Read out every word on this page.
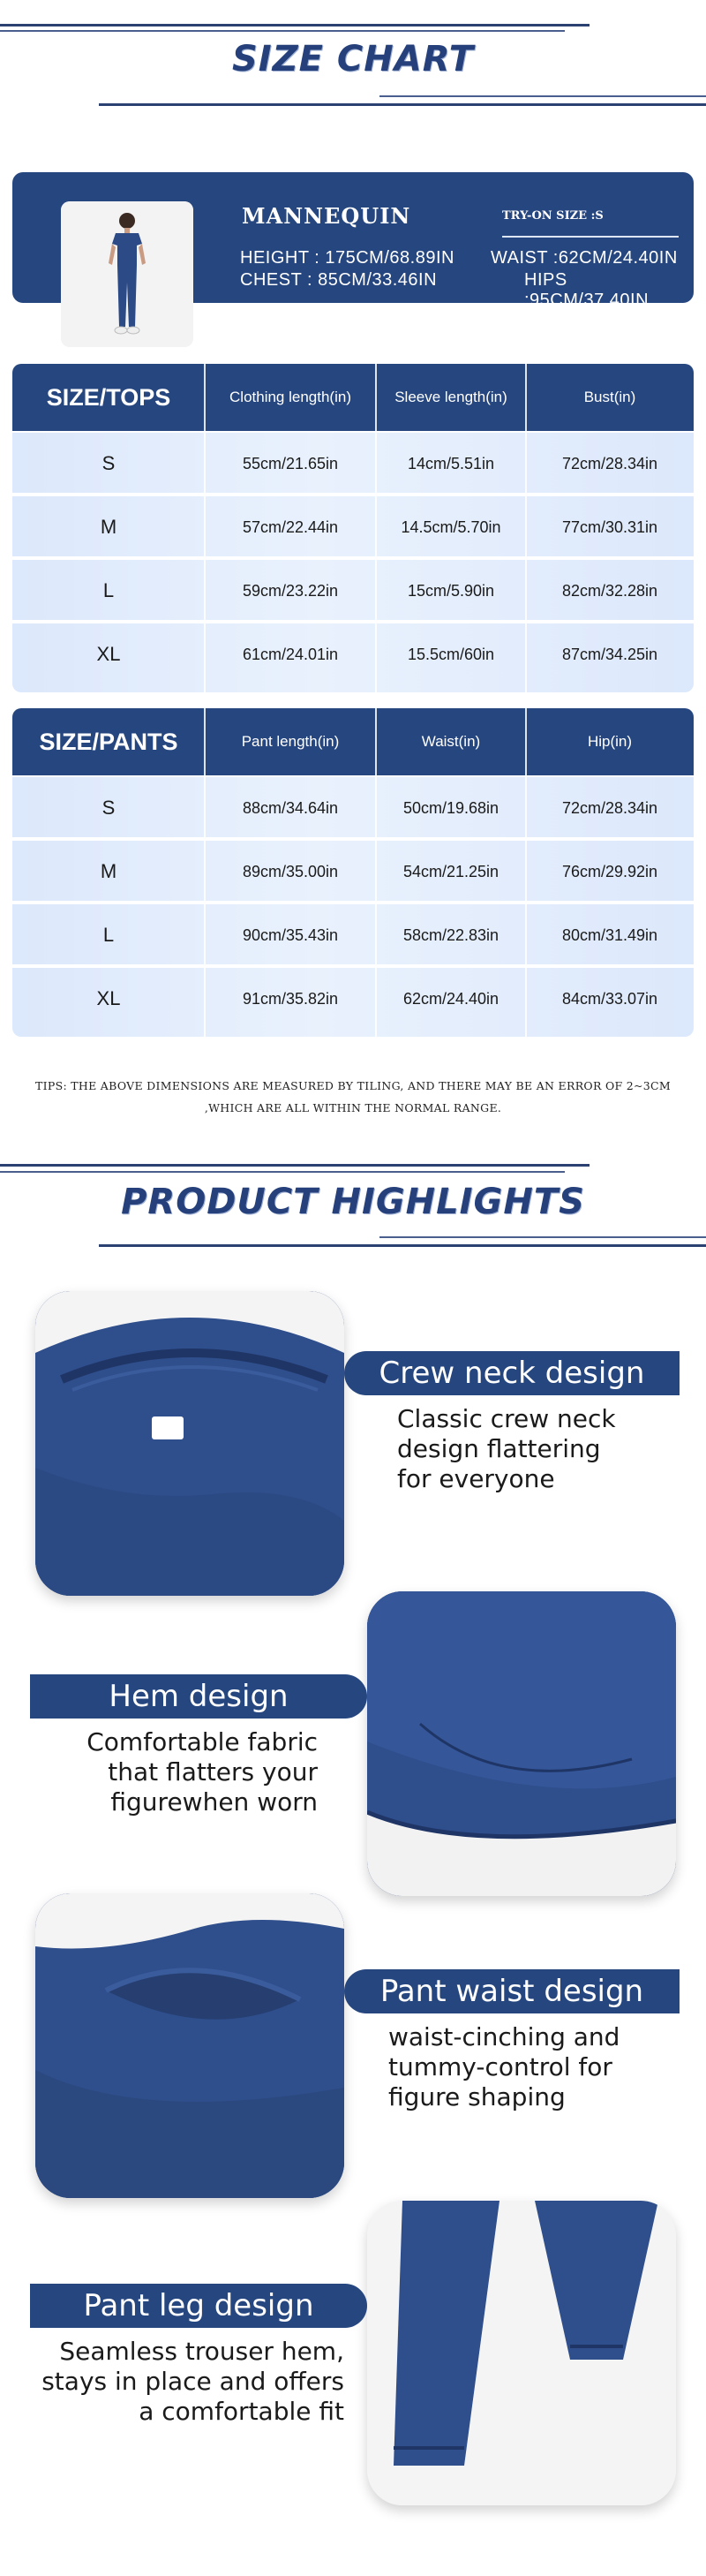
SIZE CHART
MANNEQUIN	TRY-ON SIZE :S
HEIGHT : 175CM/68.89IN WAIST :62CM/24.40IN
CHEST : 85CM/33.46IN	HIPS :95CM/37.40IN
SIZE/TOPS	Clothing length(in)	Sleeve length(in)	Bust(in)
S	55cm/21.65in	14cm/5.51in	72cm/28.34in
M	57cm/22.44in	14.5cm/5.70in	77cm/30.31in
L	59cm/23.22in	15cm/5.90in	82cm/32.28in
XL	61cm/24.01in	15.5cm/60in	87cm/34.25in
SIZE/PANTS	Pant length(in)	Waist(in)	Hip(in)
S	88cm/34.64in	50cm/19.68in	72cm/28.34in
M	89cm/35.00in	54cm/21.25in	76cm/29.92in
L	90cm/35.43in	58cm/22.83in	80cm/31.49in
XL	91cm/35.82in	62cm/24.40in	84cm/33.07in
TIPS: THE ABOVE DIMENSIONS ARE MEASURED BY TILING, AND THERE MAY BE AN ERROR OF 2~3CM
,WHICH ARE ALL WITHIN THE NORMAL RANGE.
PRODUCT HIGHLIGHTS
Crew neck design
Classic crew neck
design flattering
for everyone
Hem design
Comfortable fabric
that flatters your
figurewhen worn
Pant waist design
waist-cinching and
tummy-control for
figure shaping
Pant leg design
Seamless trouser hem,
stays in place and offers
a comfortable fit
